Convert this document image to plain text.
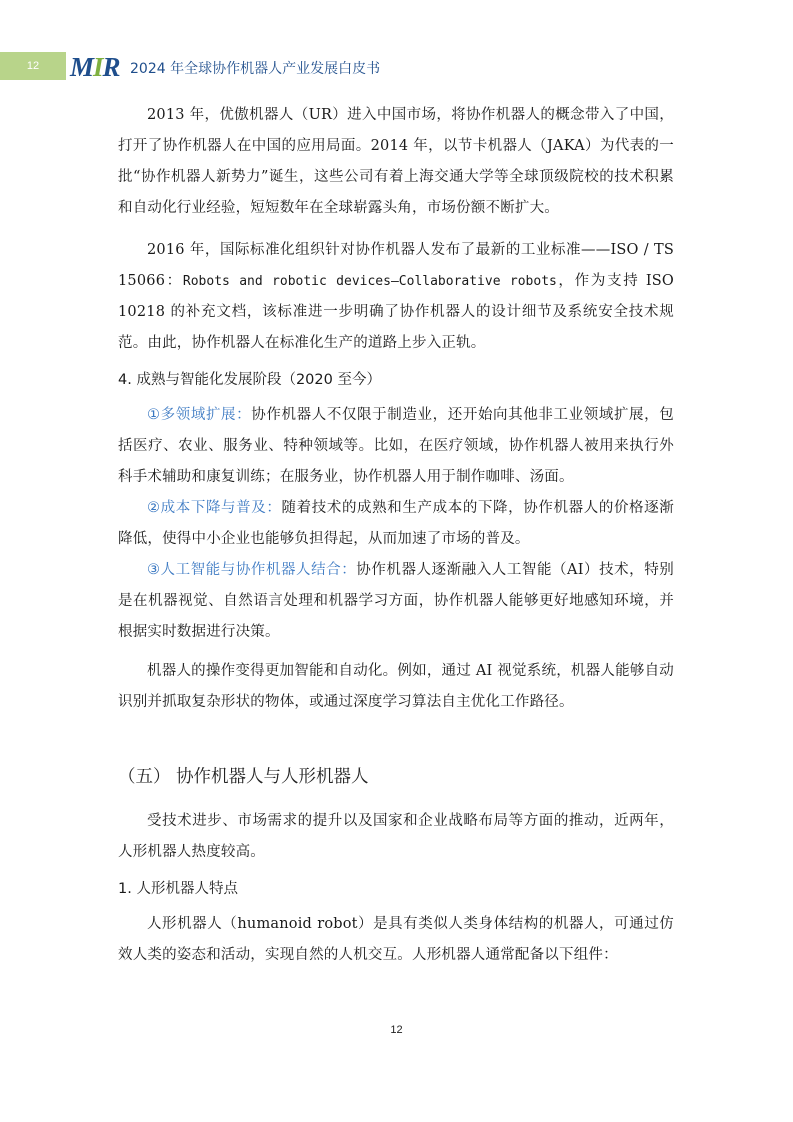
12	MIR 2024 年全球协作机器人产业发展白皮书

2013 年，优傲机器人（UR）进入中国市场，将协作机器人的概念带入了中国，打开了协作机器人在中国的应用局面。2014 年，以节卡机器人（JAKA）为代表的一批“协作机器人新势力”诞生，这些公司有着上海交通大学等全球顶级院校的技术积累和自动化行业经验，短短数年在全球崭露头角，市场份额不断扩大。

2016 年，国际标准化组织针对协作机器人发布了最新的工业标准——ISO / TS 15066：Robots and robotic devices—Collaborative robots，作为支持 ISO 10218 的补充文档，该标准进一步明确了协作机器人的设计细节及系统安全技术规范。由此，协作机器人在标准化生产的道路上步入正轨。

4. 成熟与智能化发展阶段（2020 至今）

①多领域扩展：协作机器人不仅限于制造业，还开始向其他非工业领域扩展，包括医疗、农业、服务业、特种领域等。比如，在医疗领域，协作机器人被用来执行外科手术辅助和康复训练；在服务业，协作机器人用于制作咖啡、汤面。

②成本下降与普及：随着技术的成熟和生产成本的下降，协作机器人的价格逐渐降低，使得中小企业也能够负担得起，从而加速了市场的普及。

③人工智能与协作机器人结合：协作机器人逐渐融入人工智能（AI）技术，特别是在机器视觉、自然语言处理和机器学习方面，协作机器人能够更好地感知环境，并根据实时数据进行决策。

机器人的操作变得更加智能和自动化。例如，通过 AI 视觉系统，机器人能够自动识别并抓取复杂形状的物体，或通过深度学习算法自主优化工作路径。

（五） 协作机器人与人形机器人

受技术进步、市场需求的提升以及国家和企业战略布局等方面的推动，近两年，人形机器人热度较高。

1. 人形机器人特点

人形机器人（humanoid robot）是具有类似人类身体结构的机器人，可通过仿效人类的姿态和活动，实现自然的人机交互。人形机器人通常配备以下组件：

12
